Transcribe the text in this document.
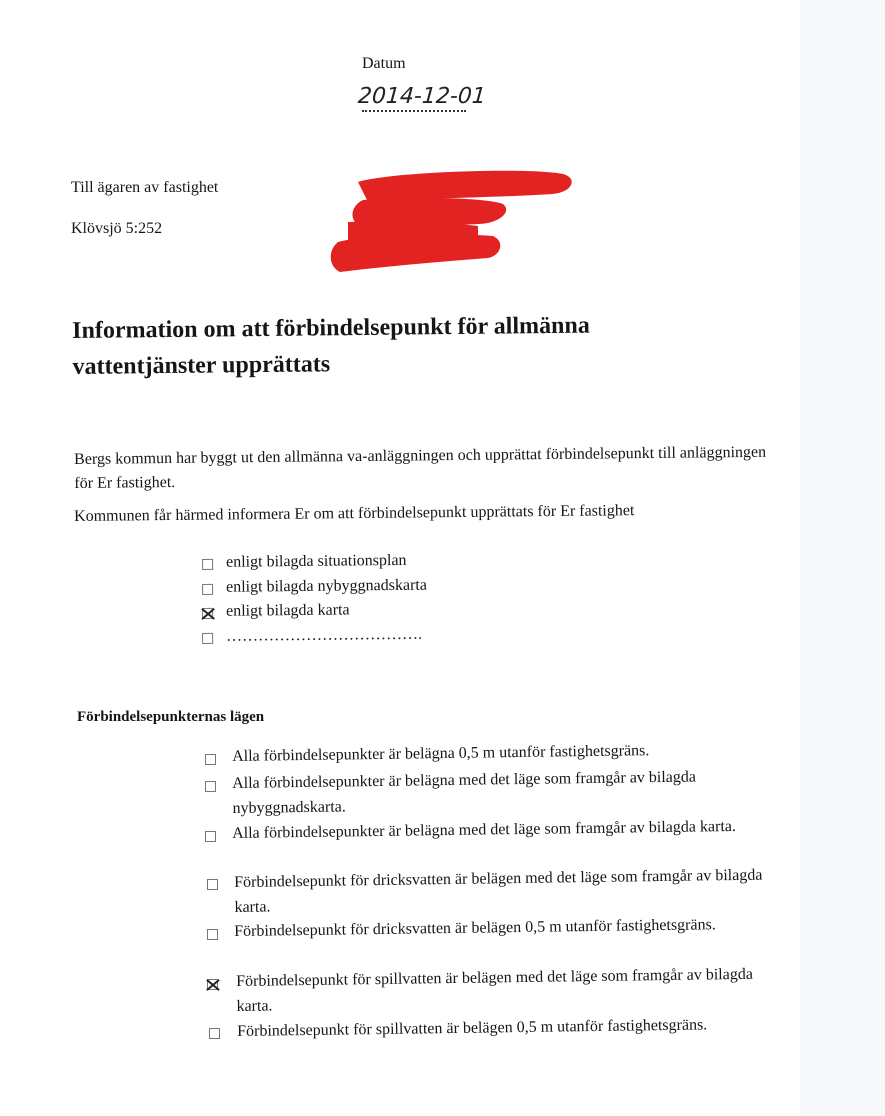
Datum
2014-12-01
Till ägaren av fastighet
Klövsjö 5:252
Information om att förbindelsepunkt för allmänna vattentjänster upprättats
Bergs kommun har byggt ut den allmänna va-anläggningen och upprättat förbindelsepunkt till anläggningen för Er fastighet.
Kommunen får härmed informera Er om att förbindelsepunkt upprättats för Er fastighet
enligt bilagda situationsplan
enligt bilagda nybyggnadskarta
enligt bilagda karta
……………………………….
Förbindelsepunkternas lägen
Alla förbindelsepunkter är belägna 0,5 m utanför fastighetsgräns.
Alla förbindelsepunkter är belägna med det läge som framgår av bilagda nybyggnadskarta.
Alla förbindelsepunkter är belägna med det läge som framgår av bilagda karta.
Förbindelsepunkt för dricksvatten är belägen med det läge som framgår av bilagda karta.
Förbindelsepunkt för dricksvatten är belägen 0,5 m utanför fastighetsgräns.
Förbindelsepunkt för spillvatten är belägen med det läge som framgår av bilagda karta.
Förbindelsepunkt för spillvatten är belägen 0,5 m utanför fastighetsgräns.
